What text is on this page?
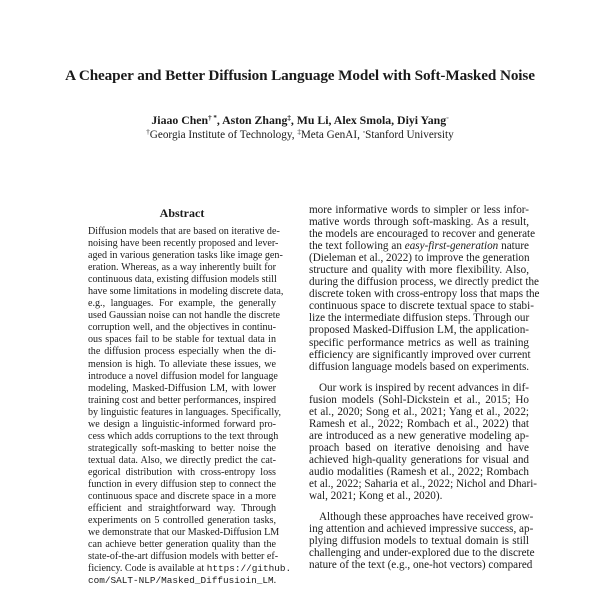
A Cheaper and Better Diffusion Language Model with Soft-Masked Noise
Jiaao Chen† *, Aston Zhang‡, Mu Li, Alex Smola, Diyi Yang◦
†Georgia Institute of Technology, ‡Meta GenAI, ◦Stanford University
Abstract
Diffusion models that are based on iterative de-
noising have been recently proposed and lever-
aged in various generation tasks like image gen-
eration. Whereas, as a way inherently built for
continuous data, existing diffusion models still
have some limitations in modeling discrete data,
e.g., languages. For example, the generally
used Gaussian noise can not handle the discrete
corruption well, and the objectives in continu-
ous spaces fail to be stable for textual data in
the diffusion process especially when the di-
mension is high. To alleviate these issues, we
introduce a novel diffusion model for language
modeling, Masked-Diffusion LM, with lower
training cost and better performances, inspired
by linguistic features in languages. Specifically,
we design a linguistic-informed forward pro-
cess which adds corruptions to the text through
strategically soft-masking to better noise the
textual data. Also, we directly predict the cat-
egorical distribution with cross-entropy loss
function in every diffusion step to connect the
continuous space and discrete space in a more
efficient and straightforward way. Through
experiments on 5 controlled generation tasks,
we demonstrate that our Masked-Diffusion LM
can achieve better generation quality than the
state-of-the-art diffusion models with better ef-
ficiency. Code is available at https://github.
com/SALT-NLP/Masked_Diffusioin_LM.
more informative words to simpler or less infor-
mative words through soft-masking. As a result,
the models are encouraged to recover and generate
the text following an easy-first-generation nature
(Dieleman et al., 2022) to improve the generation
structure and quality with more flexibility. Also,
during the diffusion process, we directly predict the
discrete token with cross-entropy loss that maps the
continuous space to discrete textual space to stabi-
lize the intermediate diffusion steps. Through our
proposed Masked-Diffusion LM, the application-
specific performance metrics as well as training
efficiency are significantly improved over current
diffusion language models based on experiments.
Our work is inspired by recent advances in dif-
fusion models (Sohl-Dickstein et al., 2015; Ho
et al., 2020; Song et al., 2021; Yang et al., 2022;
Ramesh et al., 2022; Rombach et al., 2022) that
are introduced as a new generative modeling ap-
proach based on iterative denoising and have
achieved high-quality generations for visual and
audio modalities (Ramesh et al., 2022; Rombach
et al., 2022; Saharia et al., 2022; Nichol and Dhari-
wal, 2021; Kong et al., 2020).
Although these approaches have received grow-
ing attention and achieved impressive success, ap-
plying diffusion models to textual domain is still
challenging and under-explored due to the discrete
nature of the text (e.g., one-hot vectors) compared
